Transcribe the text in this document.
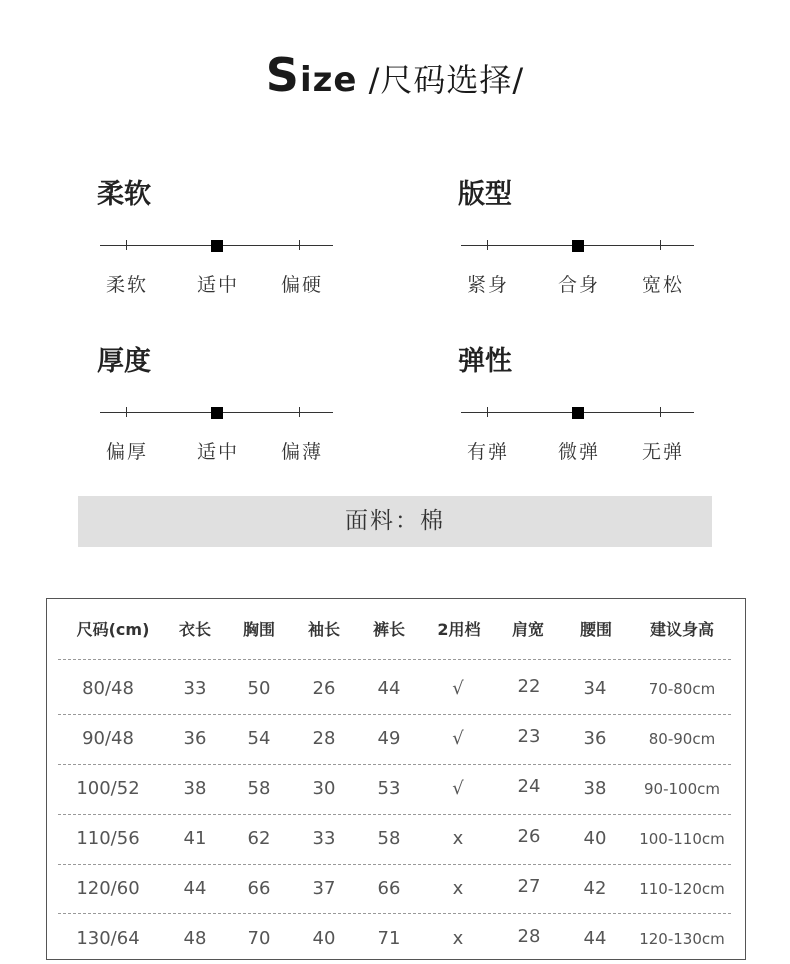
Size /尺码选择/
柔软
柔软	适中	偏硬
版型
紧身	合身	宽松
厚度
偏厚	适中	偏薄
弹性
有弹	微弹	无弹
面料：棉
尺码(cm)	衣长	胸围	袖长	裤长	2用档	肩宽	腰围	建议身高
80/48	33	50	26	44	√	22	34	70-80cm
90/48	36	54	28	49	√	23	36	80-90cm
100/52	38	58	30	53	√	24	38	90-100cm
110/56	41	62	33	58	x	26	40	100-110cm
120/60	44	66	37	66	x	27	42	110-120cm
130/64	48	70	40	71	x	28	44	120-130cm
